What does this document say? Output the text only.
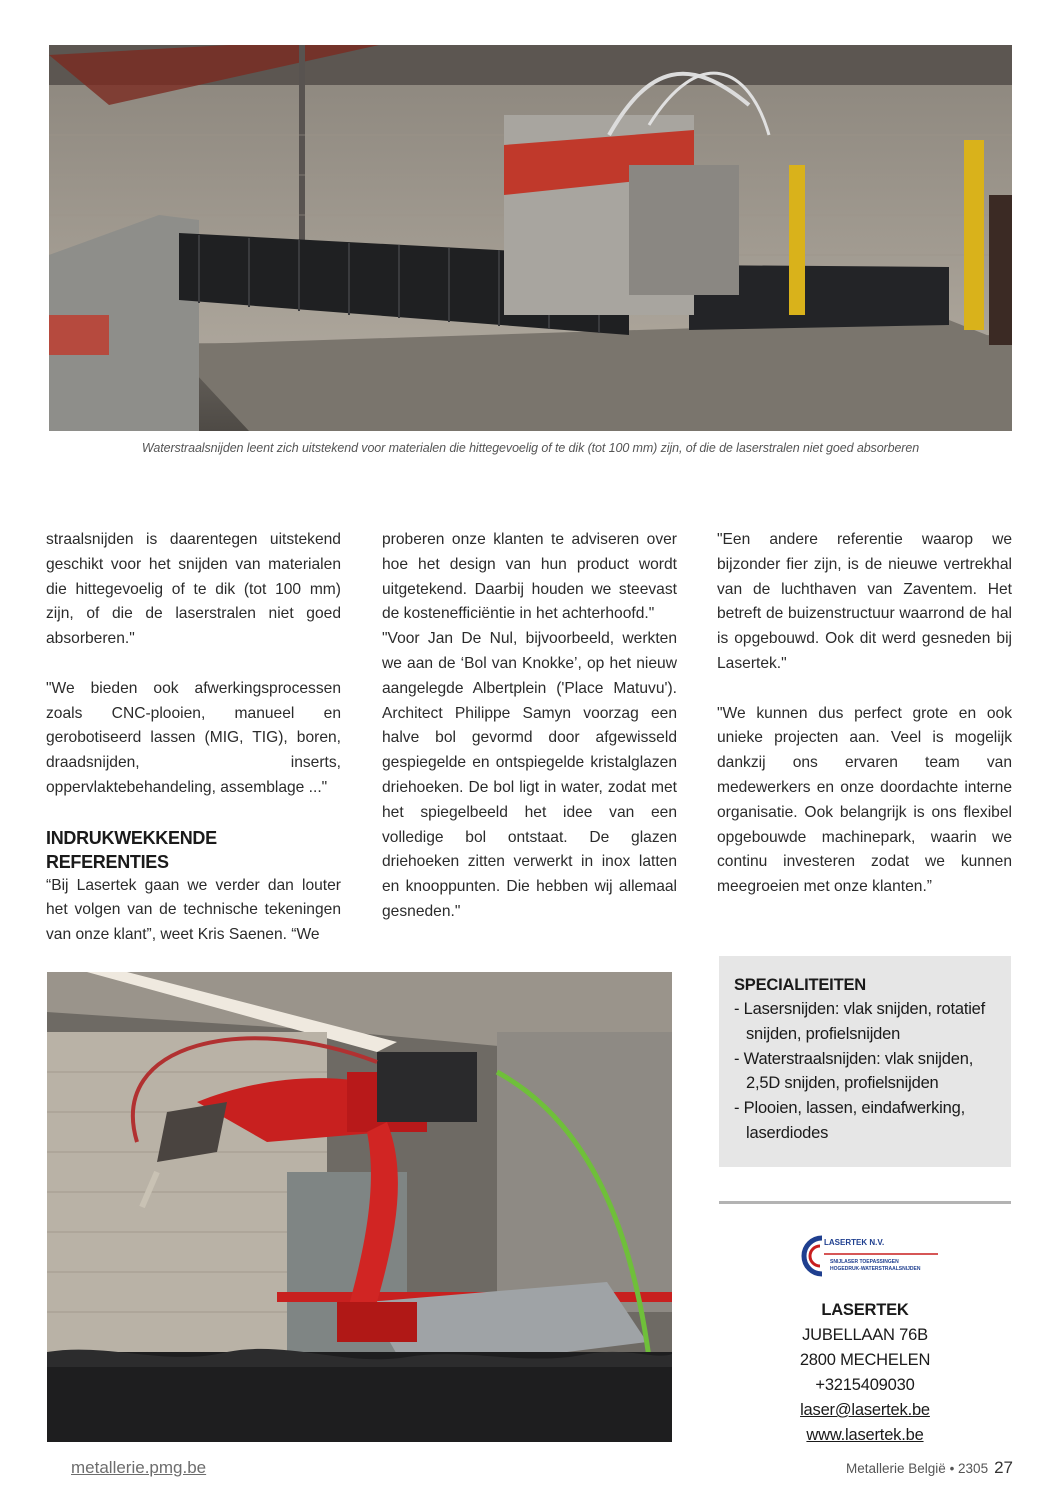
Waterstraalsnijden leent zich uitstekend voor materialen die hittegevoelig of te dik (tot 100 mm) zijn, of die de laserstralen niet goed absorberen

straalsnijden is daarentegen uitstekend geschikt voor het snijden van materialen die hittegevoelig of te dik (tot 100 mm) zijn, of die de laserstralen niet goed absorberen."

"We bieden ook afwerkingsprocessen zoals CNC-plooien, manueel en gerobotiseerd lassen (MIG, TIG), boren, draadsnijden, inserts, oppervlaktebehandeling, assemblage ..."

INDRUKWEKKENDE REFERENTIES

“Bij Lasertek gaan we verder dan louter het volgen van de technische tekeningen van onze klant”, weet Kris Saenen. “We

proberen onze klanten te adviseren over hoe het design van hun product wordt uitgetekend. Daarbij houden we steevast de kostenefficiëntie in het achterhoofd."

"Voor Jan De Nul, bijvoorbeeld, werkten we aan de ‘Bol van Knokke’, op het nieuw aangelegde Albertplein ('Place Matuvu'). Architect Philippe Samyn voorzag een halve bol gevormd door afgewisseld gespiegelde en ontspiegelde kristalglazen driehoeken. De bol ligt in water, zodat met het spiegelbeeld het idee van een volledige bol ontstaat. De glazen driehoeken zitten verwerkt in inox latten en knooppunten. Die hebben wij allemaal gesneden."

"Een andere referentie waarop we bijzonder fier zijn, is de nieuwe vertrekhal van de luchthaven van Zaventem. Het betreft de buizenstructuur waarrond de hal is opgebouwd. Ook dit werd gesneden bij Lasertek."

"We kunnen dus perfect grote en ook unieke projecten aan. Veel is mogelijk dankzij ons ervaren team van medewerkers en onze doordachte interne organisatie. Ook belangrijk is ons flexibel opgebouwde machinepark, waarin we continu investeren zodat we kunnen meegroeien met onze klanten.”

SPECIALITEITEN
- Lasersnijden: vlak snijden, rotatief snijden, profielsnijden
- Waterstraalsnijden: vlak snijden, 2,5D snijden, profielsnijden
- Plooien, lassen, eindafwerking, laserdiodes
LASERTEK N.V.
SNIJLASER TOEPASSINGEN
HOGEDRUK-WATERSTRAALSNIJDEN
LASERTEK
JUBELLAAN 76B
2800 MECHELEN
+3215409030
laser@lasertek.be
www.lasertek.be
metallerie.pmg.be	Metallerie België • 2305 27
